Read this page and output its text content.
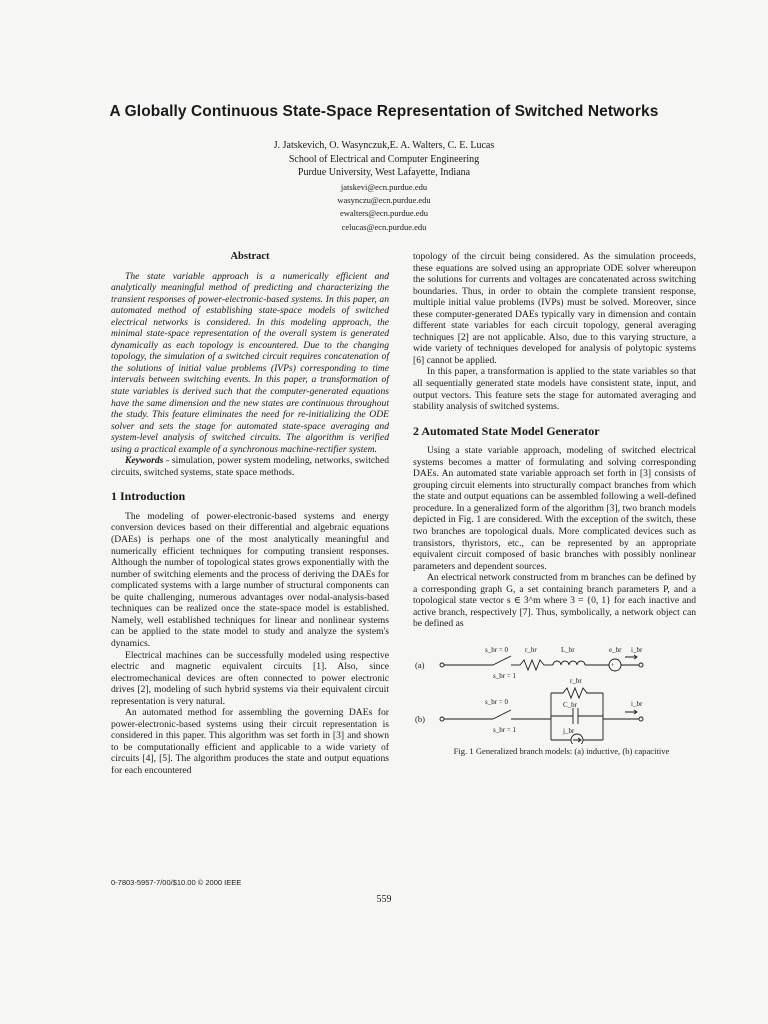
A Globally Continuous State-Space Representation of Switched Networks
J. Jatskevich, O. Wasynczuk,E. A. Walters, C. E. Lucas
School of Electrical and Computer Engineering
Purdue University, West Lafayette, Indiana
jatskevi@ecn.purdue.edu
wasynczu@ecn.purdue.edu
ewalters@ecn.purdue.edu
celucas@ecn.purdue.edu
Abstract

The state variable approach is a numerically efficient and analytically meaningful method of predicting and characterizing the transient responses of power-electronic-based systems. In this paper, an automated method of establishing state-space models of switched electrical networks is considered. In this modeling approach, the minimal state-space representation of the overall system is generated dynamically as each topology is encountered. Due to the changing topology, the simulation of a switched circuit requires concatenation of the solutions of initial value problems (IVPs) corresponding to time intervals between switching events. In this paper, a transformation of state variables is derived such that the computer-generated equations have the same dimension and the new states are continuous throughout the study. This feature eliminates the need for re-initializing the ODE solver and sets the stage for automated state-space averaging and system-level analysis of switched circuits. The algorithm is verified using a practical example of a synchronous machine-rectifier system.

Keywords - simulation, power system modeling, networks, switched circuits, switched systems, state space methods.

1 Introduction

The modeling of power-electronic-based systems and energy conversion devices based on their differential and algebraic equations (DAEs) is perhaps one of the most analytically meaningful and numerically efficient techniques for computing transient responses. Although the number of topological states grows exponentially with the number of switching elements and the process of deriving the DAEs for complicated systems with a large number of structural components can be quite challenging, numerous advantages over nodal-analysis-based techniques can be realized once the state-space model is established. Namely, well established techniques for linear and nonlinear systems can be applied to the state model to study and analyze the system's dynamics.

Electrical machines can be successfully modeled using respective electric and magnetic equivalent circuits [1]. Also, since electromechanical devices are often connected to power electronic drives [2], modeling of such hybrid systems via their equivalent circuit representation is very natural.

An automated method for assembling the governing DAEs for power-electronic-based systems using their circuit representation is considered in this paper. This algorithm was set forth in [3] and shown to be computationally efficient and applicable to a wide variety of circuits [4], [5]. The algorithm produces the state and output equations for each encountered

topology of the circuit being considered. As the simulation proceeds, these equations are solved using an appropriate ODE solver whereupon the solutions for currents and voltages are concatenated across switching boundaries. Thus, in order to obtain the complete transient response, multiple initial value problems (IVPs) must be solved. Moreover, since these computer-generated DAEs typically vary in dimension and contain different state variables for each circuit topology, general averaging techniques [2] are not applicable. Also, due to this varying structure, a wide variety of techniques developed for analysis of polytopic systems [6] cannot be applied.

In this paper, a transformation is applied to the state variables so that all sequentially generated state models have consistent state, input, and output vectors. This feature sets the stage for automated averaging and stability analysis of switched systems.

2 Automated State Model Generator

Using a state variable approach, modeling of switched electrical systems becomes a matter of formulating and solving corresponding DAEs. An automated state variable approach set forth in [3] consists of grouping circuit elements into structurally compact branches from which the state and output equations can be assembled following a well-defined procedure. In a generalized form of the algorithm [3], two branch models depicted in Fig. 1 are considered. With the exception of the switch, these two branches are topological duals. More complicated devices such as transistors, thyristors, etc., can be represented by an appropriate equivalent circuit composed of basic branches with possibly nonlinear parameters and dependent sources.

An electrical network constructed from m branches can be defined by a corresponding graph G, a set containing branch parameters P, and a topological state vector s ∈ 3^m where 3 = {0, 1} for each inactive and active branch, respectively [7]. Thus, symbolically, a network object can be defined as

(a)
s_br = 0
s_br = 1
r_br	L_br
+
e_br i_br
(b)
s_br = 0
s_br = 1
r_br
C_br
j_br
i_br

Fig. 1 Generalized branch models: (a) inductive, (b) capacitive

0-7803-5957-7/00/$10.00 © 2000 IEEE
559
